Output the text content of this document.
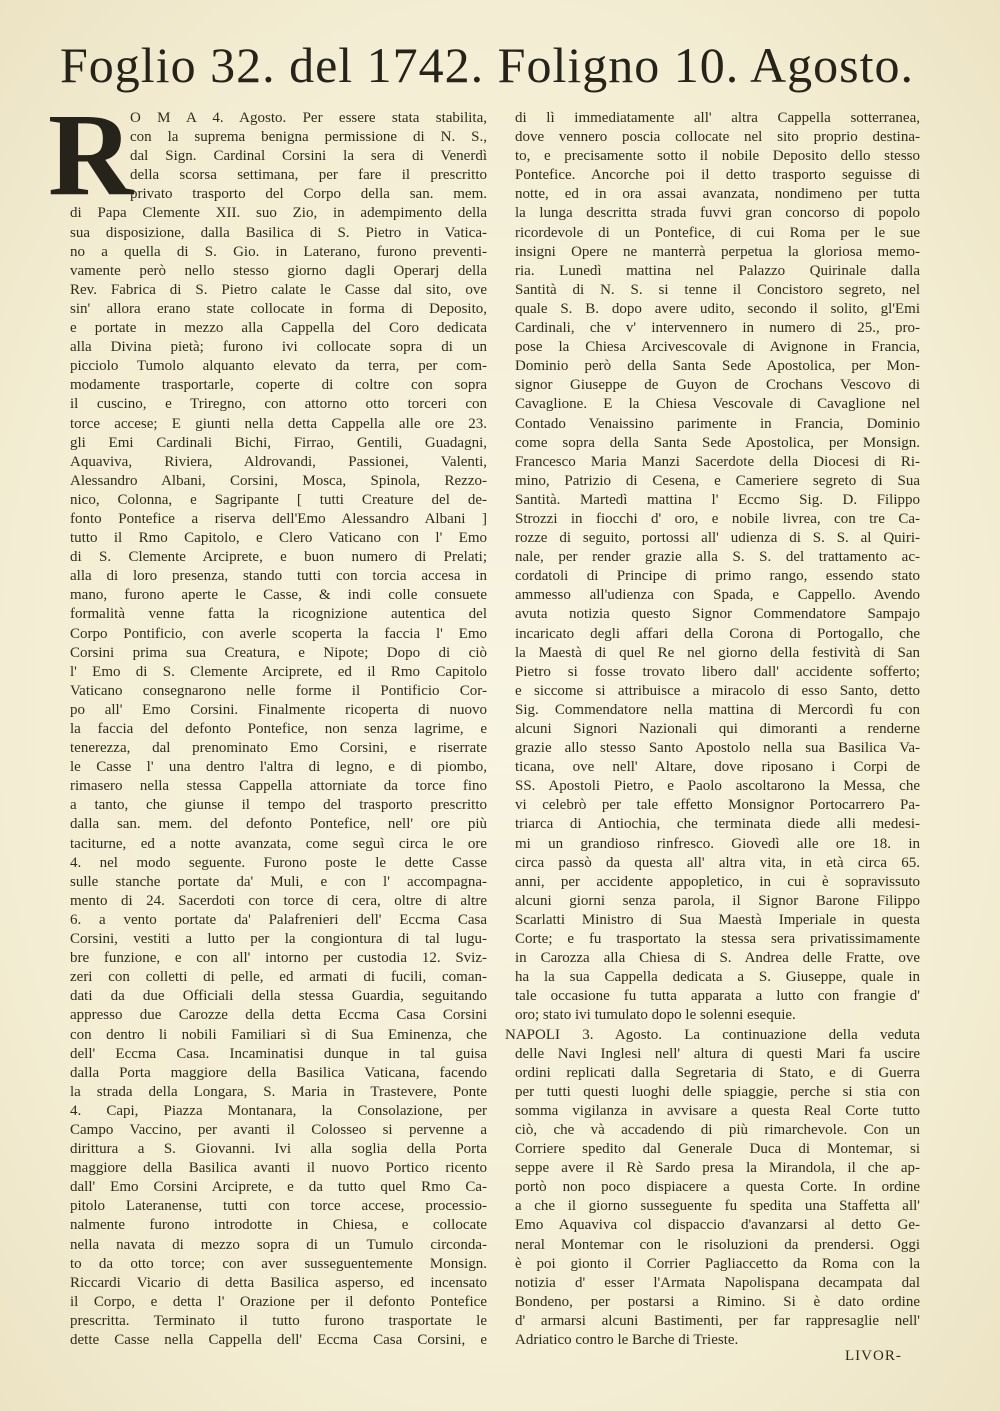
Foglio 32. del 1742. Foligno 10. Agosto.
R
O M A 4. Agosto. Per essere stata stabilita,
con la suprema benigna permissione di N. S.,
dal Sign. Cardinal Corsini la sera di Venerdì
della scorsa settimana, per fare il prescritto
privato trasporto del Corpo della san. mem.
di Papa Clemente XII. suo Zio, in adempimento della
sua disposizione, dalla Basilica di S. Pietro in Vatica-
no a quella di S. Gio. in Laterano, furono preventi-
vamente però nello stesso giorno dagli Operarj della
Rev. Fabrica di S. Pietro calate le Casse dal sito, ove
sin' allora erano state collocate in forma di Deposito,
e portate in mezzo alla Cappella del Coro dedicata
alla Divina pietà; furono ivi collocate sopra di un
picciolo Tumolo alquanto elevato da terra, per com-
modamente trasportarle, coperte di coltre con sopra
il cuscino, e Triregno, con attorno otto torceri con
torce accese; E giunti nella detta Cappella alle ore 23.
gli Emi Cardinali Bichi, Firrao, Gentili, Guadagni,
Aquaviva, Riviera, Aldrovandi, Passionei, Valenti,
Alessandro Albani, Corsini, Mosca, Spinola, Rezzo-
nico, Colonna, e Sagripante [ tutti Creature del de-
fonto Pontefice a riserva dell'Emo Alessandro Albani ]
tutto il Rmo Capitolo, e Clero Vaticano con l' Emo
di S. Clemente Arciprete, e buon numero di Prelati;
alla di loro presenza, stando tutti con torcia accesa in
mano, furono aperte le Casse, & indi colle consuete
formalità venne fatta la ricognizione autentica del
Corpo Pontificio, con averle scoperta la faccia l' Emo
Corsini prima sua Creatura, e Nipote; Dopo di ciò
l' Emo di S. Clemente Arciprete, ed il Rmo Capitolo
Vaticano consegnarono nelle forme il Pontificio Cor-
po all' Emo Corsini. Finalmente ricoperta di nuovo
la faccia del defonto Pontefice, non senza lagrime, e
tenerezza, dal prenominato Emo Corsini, e riserrate
le Casse l' una dentro l'altra di legno, e di piombo,
rimasero nella stessa Cappella attorniate da torce fino
a tanto, che giunse il tempo del trasporto prescritto
dalla san. mem. del defonto Pontefice, nell' ore più
taciturne, ed a notte avanzata, come seguì circa le ore
4. nel modo seguente. Furono poste le dette Casse
sulle stanche portate da' Muli, e con l' accompagna-
mento di 24. Sacerdoti con torce di cera, oltre di altre
6. a vento portate da' Palafrenieri dell' Eccma Casa
Corsini, vestiti a lutto per la congiontura di tal lugu-
bre funzione, e con all' intorno per custodia 12. Sviz-
zeri con colletti di pelle, ed armati di fucili, coman-
dati da due Officiali della stessa Guardia, seguitando
appresso due Carozze della detta Eccma Casa Corsini
con dentro li nobili Familiari sì di Sua Eminenza, che
dell' Eccma Casa. Incaminatisi dunque in tal guisa
dalla Porta maggiore della Basilica Vaticana, facendo
la strada della Longara, S. Maria in Trastevere, Ponte
4. Capi, Piazza Montanara, la Consolazione, per
Campo Vaccino, per avanti il Colosseo si pervenne a
dirittura a S. Giovanni. Ivi alla soglia della Porta
maggiore della Basilica avanti il nuovo Portico ricento
dall' Emo Corsini Arciprete, e da tutto quel Rmo Ca-
pitolo Lateranense, tutti con torce accese, processio-
nalmente furono introdotte in Chiesa, e collocate
nella navata di mezzo sopra di un Tumulo circonda-
to da otto torce; con aver susseguentemente Monsign.
Riccardi Vicario di detta Basilica asperso, ed incensato
il Corpo, e detta l' Orazione per il defonto Pontefice
prescritta. Terminato il tutto furono trasportate le
dette Casse nella Cappella dell' Eccma Casa Corsini, e
di lì immediatamente all' altra Cappella sotterranea,
dove vennero poscia collocate nel sito proprio destina-
to, e precisamente sotto il nobile Deposito dello stesso
Pontefice. Ancorche poi il detto trasporto seguisse di
notte, ed in ora assai avanzata, nondimeno per tutta
la lunga descritta strada fuvvi gran concorso di popolo
ricordevole di un Pontefice, di cui Roma per le sue
insigni Opere ne manterrà perpetua la gloriosa memo-
ria. Lunedì mattina nel Palazzo Quirinale dalla
Santità di N. S. si tenne il Concistoro segreto, nel
quale S. B. dopo avere udito, secondo il solito, gl'Emi
Cardinali, che v' intervennero in numero di 25., pro-
pose la Chiesa Arcivescovale di Avignone in Francia,
Dominio però della Santa Sede Apostolica, per Mon-
signor Giuseppe de Guyon de Crochans Vescovo di
Cavaglione. E la Chiesa Vescovale di Cavaglione nel
Contado Venaissino parimente in Francia, Dominio
come sopra della Santa Sede Apostolica, per Monsign.
Francesco Maria Manzi Sacerdote della Diocesi di Ri-
mino, Patrizio di Cesena, e Cameriere segreto di Sua
Santità. Martedì mattina l' Eccmo Sig. D. Filippo
Strozzi in fiocchi d' oro, e nobile livrea, con tre Ca-
rozze di seguito, portossi all' udienza di S. S. al Quiri-
nale, per render grazie alla S. S. del trattamento ac-
cordatoli di Principe di primo rango, essendo stato
ammesso all'udienza con Spada, e Cappello. Avendo
avuta notizia questo Signor Commendatore Sampajo
incaricato degli affari della Corona di Portogallo, che
la Maestà di quel Re nel giorno della festività di San
Pietro si fosse trovato libero dall' accidente sofferto;
e siccome si attribuisce a miracolo di esso Santo, detto
Sig. Commendatore nella mattina di Mercordì fu con
alcuni Signori Nazionali qui dimoranti a renderne
grazie allo stesso Santo Apostolo nella sua Basilica Va-
ticana, ove nell' Altare, dove riposano i Corpi de
SS. Apostoli Pietro, e Paolo ascoltarono la Messa, che
vi celebrò per tale effetto Monsignor Portocarrero Pa-
triarca di Antiochia, che terminata diede alli medesi-
mi un grandioso rinfresco. Giovedì alle ore 18. in
circa passò da questa all' altra vita, in età circa 65.
anni, per accidente appopletico, in cui è sopravissuto
alcuni giorni senza parola, il Signor Barone Filippo
Scarlatti Ministro di Sua Maestà Imperiale in questa
Corte; e fu trasportato la stessa sera privatissimamente
in Carozza alla Chiesa di S. Andrea delle Fratte, ove
ha la sua Cappella dedicata a S. Giuseppe, quale in
tale occasione fu tutta apparata a lutto con frangie d'
oro; stato ivi tumulato dopo le solenni esequie.
NAPOLI 3. Agosto. La continuazione della veduta
delle Navi Inglesi nell' altura di questi Mari fa uscire
ordini replicati dalla Segretaria di Stato, e di Guerra
per tutti questi luoghi delle spiaggie, perche si stia con
somma vigilanza in avvisare a questa Real Corte tutto
ciò, che và accadendo di più rimarchevole. Con un
Corriere spedito dal Generale Duca di Montemar, si
seppe avere il Rè Sardo presa la Mirandola, il che ap-
portò non poco dispiacere a questa Corte. In ordine
a che il giorno susseguente fu spedita una Staffetta all'
Emo Aquaviva col dispaccio d'avanzarsi al detto Ge-
neral Montemar con le risoluzioni da prendersi. Oggi
è poi gionto il Corrier Pagliaccetto da Roma con la
notizia d' esser l'Armata Napolispana decampata dal
Bondeno, per postarsi a Rimino. Si è dato ordine
d' armarsi alcuni Bastimenti, per far rappresaglie nell'
Adriatico contro le Barche di Trieste.
LIVOR-
